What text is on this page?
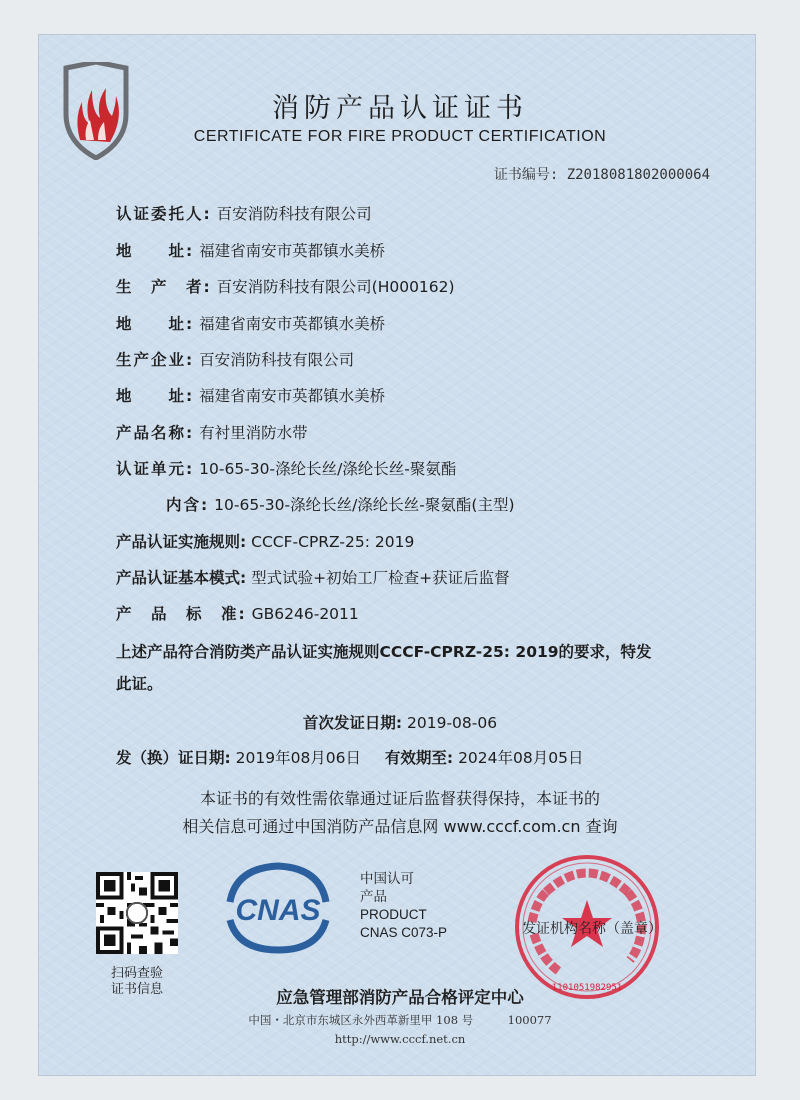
消防产品认证证书
CERTIFICATE FOR FIRE PRODUCT CERTIFICATION
证书编号: Z2018081802000064
认证委托人: 百安消防科技有限公司
地　　址: 福建省南安市英都镇水美桥
生　产　者: 百安消防科技有限公司(H000162)
地　　址: 福建省南安市英都镇水美桥
生产企业: 百安消防科技有限公司
地　　址: 福建省南安市英都镇水美桥
产品名称: 有衬里消防水带
认证单元: 10-65-30-涤纶长丝/涤纶长丝-聚氨酯
内含: 10-65-30-涤纶长丝/涤纶长丝-聚氨酯(主型)
产品认证实施规则: CCCF-CPRZ-25: 2019
产品认证基本模式: 型式试验+初始工厂检查+获证后监督
产　品　标　准: GB6246-2011
上述产品符合消防类产品认证实施规则CCCF-CPRZ-25: 2019的要求，特发
此证。
首次发证日期: 2019-08-06
发（换）证日期: 2019年08月06日 有效期至: 2024年08月05日
本证书的有效性需依靠通过证后监督获得保持，本证书的
相关信息可通过中国消防产品信息网 www.cccf.com.cn 查询
扫码查验
证书信息
CNAS
中国认可
产品
PRODUCT
CNAS C073-P
1101051982951
发证机构名称（盖章）
应急管理部消防产品合格评定中心
中国・北京市东城区永外西革新里甲 108 号　　　100077
http://www.cccf.net.cn
